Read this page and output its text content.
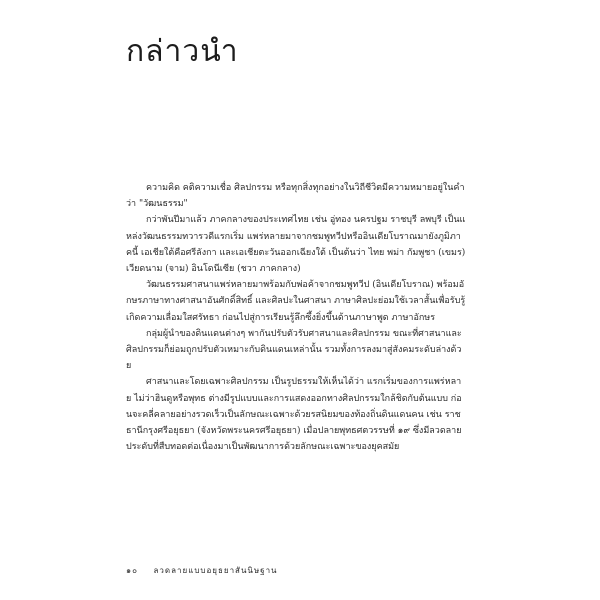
กล่าวนำ

ความคิด คติความเชื่อ ศิลปกรรม หรือทุกสิ่งทุกอย่างในวิถีชีวิตมีความหมายอยู่ในคำว่า "วัฒนธรรม"

กว่าพันปีมาแล้ว ภาคกลางของประเทศไทย เช่น อู่ทอง นครปฐม ราชบุรี ลพบุรี เป็นแหล่งวัฒนธรรมทวารวดีแรกเริ่ม แพร่หลายมาจากชมพูทวีปหรืออินเดียโบราณมายังภูมิภาคนี้ เอเชียใต้คือศรีลังกา และเอเชียตะวันออกเฉียงใต้ เป็นต้นว่า ไทย พม่า กัมพูชา (เขมร) เวียดนาม (จาม) อินโดนีเซีย (ชวา ภาคกลาง)

วัฒนธรรมศาสนาแพร่หลายมาพร้อมกับพ่อค้าจากชมพูทวีป (อินเดียโบราณ) พร้อมอักษรภาษาทางศาสนาอันศักดิ์สิทธิ์ และศิลปะในศาสนา ภาษาศิลปะย่อมใช้เวลาสั้นเพื่อรับรู้เกิดความเลื่อมใสศรัทธา ก่อนไปสู่การเรียนรู้ลึกซึ้งยิ่งขึ้นด้านภาษาพูด ภาษาอักษร

กลุ่มผู้นำของดินแดนต่างๆ พากันปรับตัวรับศาสนาและศิลปกรรม ขณะที่ศาสนาและศิลปกรรมก็ย่อมถูกปรับตัวเหมาะกับดินแดนเหล่านั้น รวมทั้งการลงมาสู่สังคมระดับล่างด้วย

ศาสนาและโดยเฉพาะศิลปกรรม เป็นรูปธรรมให้เห็นได้ว่า แรกเริ่มของการแพร่หลาย ไม่ว่าฮินดูหรือพุทธ ต่างมีรูปแบบและการแสดงออกทางศิลปกรรมใกล้ชิดกับต้นแบบ ก่อนจะคลี่คลายอย่างรวดเร็วเป็นลักษณะเฉพาะด้วยรสนิยมของท้องถิ่นดินแดนคน เช่น ราชธานีกรุงศรีอยุธยา (จังหวัดพระนครศรีอยุธยา) เมื่อปลายพุทธศตวรรษที่ ๑๙ ซึ่งมีลวดลายประดับที่สืบทอดต่อเนื่องมาเป็นพัฒนาการด้วยลักษณะเฉพาะของยุคสมัย

๑๐ ลวดลายแบบอยุธยาสันนิษฐาน
